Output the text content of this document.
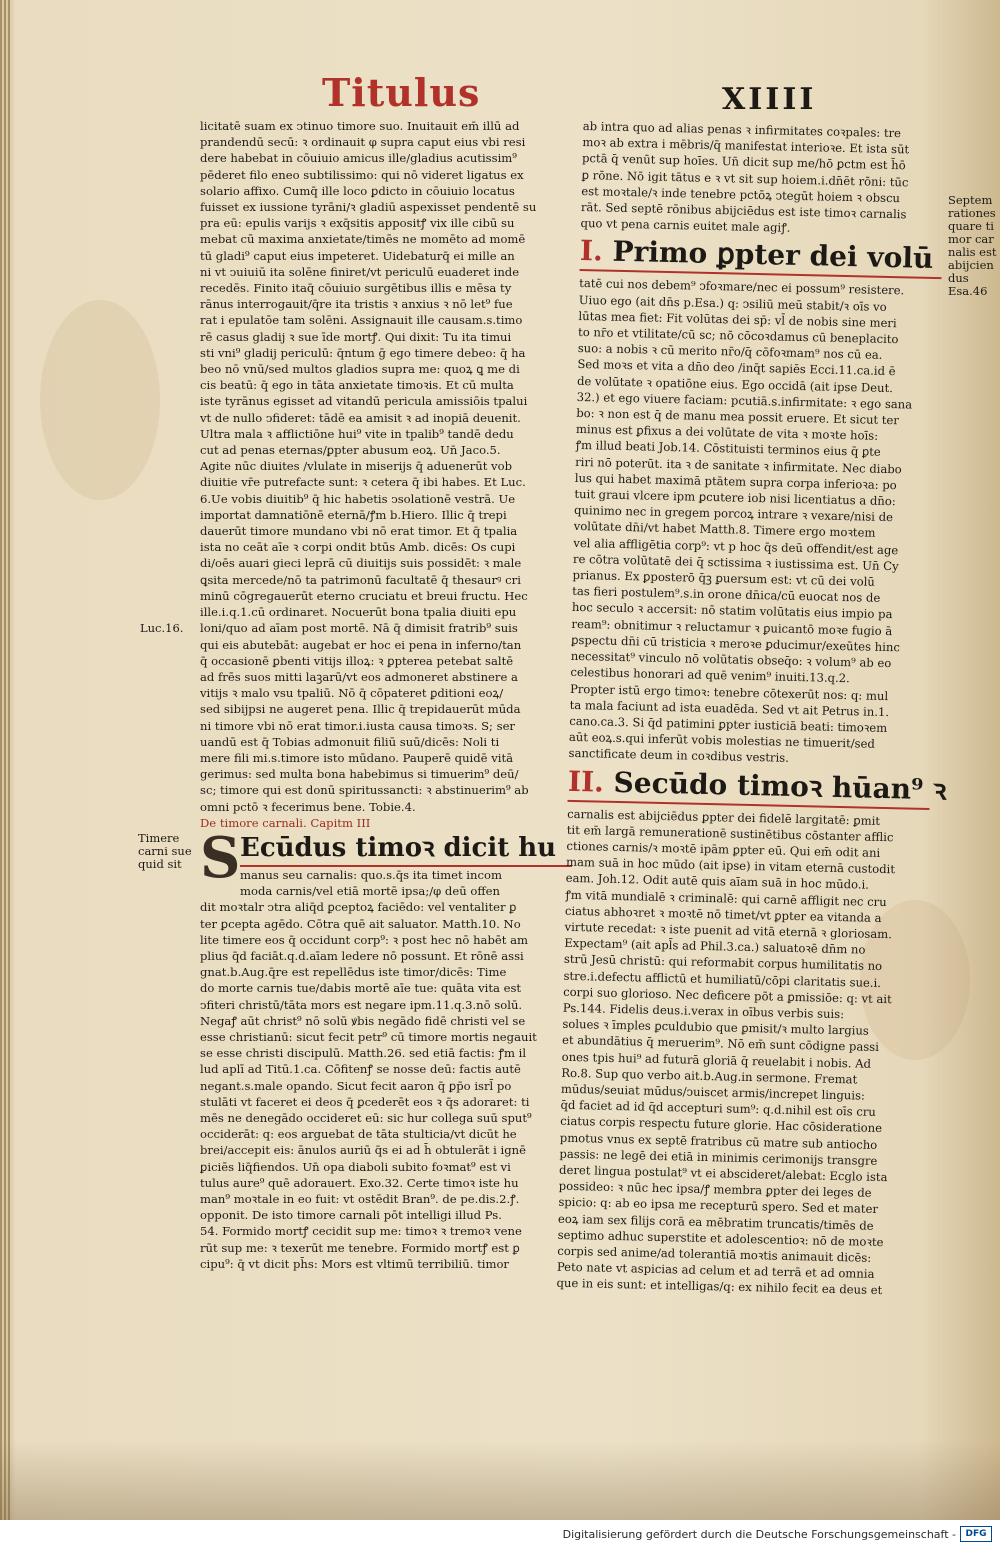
Titulus	XIIII
licitatē suam ex ↄtinuo timore suo. Inuitauit em̄ illū ad
prandendū secū: ꝛ ordinauit φ supra caput eius vbi resi
dere habebat in cōuiuio amicus ille/gladius acutissim⁹
pēderet filo eneo subtilissimo: qui nō videret ligatus ex
solario affixo. Cumq̄ ille loco ꝑdicto in cōuiuio locatus
fuisset ex iussione tyrāni/ꝛ gladiū aspexisset pendentē su
pra eū: epulis varijs ꝛ exq̄sitis appositꝭ vix ille cibū su
mebat cū maxima anxietate/timēs ne momēto ad momē
tū gladi⁹ caput eius impeteret. Uidebaturq̄ ei mille an
ni vt ↄuiuiū ita solēne finiret/vt periculū euaderet inde
recedēs. Finito itaq̄ cōuiuio surgētibus illis e mēsa ty
rānus interrogauit/q̄re ita tristis ꝛ anxius ꝛ nō let⁹ fue
rat i epulatōe tam solēni. Assignauit ille causam.s.timo
rē casus gladij ꝛ sue īde mortꝭ. Qui dixit: Tu ita timui
sti vni⁹ gladij periculū: q̄ntum ḡ ego timere debeo: q̄ ha
beo nō vnū/sed multos gladios supra me: quoꝝ ꝗ me di
cis beatū: q̄ ego in tāta anxietate timoꝛis. Et cū multa
iste tyrānus egisset ad vitandū pericula amissiōis tpalui
vt de nullo ↄfideret: tādē ea amisit ꝛ ad inopiā deuenit.
Ultra mala ꝛ afflictiōne hui⁹ vite in tpalib⁹ tandē dedu
cut ad penas eternas/ꝑpter abusum eoꝝ. Un̄ Jaco.5.
Agite nūc diuites /vlulate in miserijs q̄ aduenerūt vob
diuitie vr̄e putrefacte sunt: ꝛ cetera q̄ ibi habes. Et Luc.
6.Ue vobis diuitib⁹ q̄ hic habetis ↄsolationē vestrā. Ue
importat damnatiōnē eternā/ꝭm b.Hiero. Illic q̄ trepi
dauerūt timore mundano vbi nō erat timor. Et q̄ tpalia
ista no ceāt aīe ꝛ corpi ondit btūs Amb. dicēs: Os cupi
di/oēs auari gieci leprā cū diuitijs suis possidēt: ꝛ male
ꝗsita mercede/nō ta patrimonū facultatē q̄ thesaurꝰ cri
minū cōgregauerūt eterno cruciatu et breui fructu. Hec
ille.i.q.1.cū ordinaret. Nocuerūt bona tpalia diuiti epu
loni/quo ad aīam post mortē. Nā q̄ dimisit fratrib⁹ suis
qui eis abutebāt: augebat er hoc ei pena in inferno/tan
q̄ occasionē ꝑbenti vitijs illoꝝ: ꝛ ꝑpterea petebat saltē
ad frēs suos mitti laꝫarū/vt eos admoneret abstinere a
vitijs ꝛ malo vsu tpaliū. Nō q̄ cōpateret ꝑditioni eoꝝ/
sed sibijpsi ne augeret pena. Illic q̄ trepidauerūt mūda
ni timore vbi nō erat timor.i.iusta causa timoꝛs. S; ser
uandū est q̄ Tobias admonuit filiū suū/dicēs: Noli ti
mere fili mi.s.timore isto mūdano. Pauperē quidē vitā
gerimus: sed multa bona habebimus si timuerim⁹ deū/
sc; timore qui est donū spiritussancti: ꝛ abstinuerim⁹ ab
omni pctō ꝛ fecerimus bene. Tobie.4.
De timore carnali. Capitm III
S Ecūdus timoꝛ dicit hu
manus seu carnalis: quo.s.q̄s ita timet incom
moda carnis/vel etiā mortē ipsa;/φ deū offen
dit moꝛtalr ↄtra aliq̄d ꝑceptoꝝ faciēdo: vel ventaliter ꝑ
ter ꝑcepta agēdo. Cōtra quē ait saluator. Matth.10. No
lite timere eos q̄ occidunt corp⁹: ꝛ post hec nō habēt am
plius q̄d faciāt.q.d.aīam ledere nō possunt. Et rōnē assi
gnat.b.Aug.q̄re est repellēdus iste timor/dicēs: Time
do morte carnis tue/dabis mortē aīe tue: quāta vita est
ↄfiteri christū/tāta mors est negare ipm.11.q.3.nō solū.
Negaꝭ aūt christ⁹ nō solū ꝟbis negādo fidē christi vel se
esse christianū: sicut fecit petr⁹ cū timore mortis negauit
se esse christi discipulū. Matth.26. sed etiā factis: ꝭm il
lud aplī ad Titū.1.ca. Cōfitenꝭ se nosse deū: factis autē
negant.s.male opando. Sicut fecit aaron q̄ ꝑp̄o isrl̄ po
stulāti vt faceret ei deos q̄ ꝑcederēt eos ꝛ q̄s adoraret: ti
mēs ne denegādo occideret eū: sic hur collega suū sput⁹
occiderāt: q: eos arguebat de tāta stulticia/vt dicūt he
brei/accepit eis: ānulos auriū q̄s ei ad h̄ obtulerāt i ignē
ꝑiciēs liq̄fiendos. Un̄ opa diaboli subito foꝛmat⁹ est vi
tulus aure⁹ quē adorauert. Exo.32. Certe timoꝛ iste hu
man⁹ moꝛtale in eo fuit: vt ostēdit Bran⁹. de pe.dis.2.ꝭ.
opponit. De isto timore carnali pōt intelligi illud Ps.
54. Formido mortꝭ cecidit sup me: timoꝛ ꝛ tremoꝛ vene
rūt sup me: ꝛ texerūt me tenebre. Formido mortꝭ est ꝑ
cipu⁹: q̄ vt dicit ph̄s: Mors est vltimū terribiliū. timor
ab intra quo ad alias penas ꝛ infirmitates coꝛpales: tre
moꝛ ab extra i mēbris/q̄ manifestat interioꝛe. Et ista sūt
pctā q̄ venūt sup hoīes. Un̄ dicit sup me/hō ꝑctm est h̄ō
ꝑ rōne. Nō igit tātus e ꝛ vt sit sup hoiem.i.dn̄ēt rōni: tūc
est moꝛtale/ꝛ inde tenebre pctōꝝ ↄtegūt hoiem ꝛ obscu
rāt. Sed septē rōnibus abijciēdus est iste timoꝛ carnalis
quo vt pena carnis euitet male agiꝭ.
I. Primo ꝑpter dei volū
tatē cui nos debem⁹ ↄfoꝛmare/nec ei possum⁹ resistere.
Uiuo ego (ait dn̄s p.Esa.) q: ↄsiliū meū stabit/ꝛ oīs vo
lūtas mea fiet: Fit volūtas dei sp̄: vl̄ de nobis sine meri
to nr̄o et vtilitate/cū sc; nō cōcoꝛdamus cū beneplacito
suo: a nobis ꝛ cū merito nr̄o/q̄ cōfoꝛmam⁹ nos cū ea.
Sed moꝛs et vita a dn̄o deo /inq̄t sapiēs Ecci.11.ca.id ē
de volūtate ꝛ opatiōne eius. Ego occidā (ait ipse Deut.
32.) et ego viuere faciam: pcutiā.s.infirmitate: ꝛ ego sana
bo: ꝛ non est q̄ de manu mea possit eruere. Et sicut ter
minus est ꝑfixus a dei volūtate de vita ꝛ moꝛte hoīs:
ꝭm illud beati Job.14. Cōstituisti terminos eius q̄ ꝑte
riri nō poterūt. ita ꝛ de sanitate ꝛ infirmitate. Nec diabo
lus qui habet maximā ptātem supra corpa inferioꝛa: po
tuit graui vlcere ipm ꝑcutere iob nisi licentiatus a dn̄o:
quinimo nec in gregem porcoꝝ intrare ꝛ vexare/nisi de
volūtate dn̄i/vt habet Matth.8. Timere ergo moꝛtem
vel alia affligētia corp⁹: vt p hoc q̄s deū offendit/est age
re cōtra volūtatē dei q̄ sctissima ꝛ iustissima est. Un̄ Cy
prianus. Ex ꝑposterō q̄ꝫ ꝑuersum est: vt cū dei volū
tas fieri postulem⁹.s.in orone dn̄ica/cū euocat nos de
hoc seculo ꝛ accersit: nō statim volūtatis eius impio pa
ream⁹: obnitimur ꝛ reluctamur ꝛ ꝑuicantō moꝛe fugio ā
ꝑspectu dn̄i cū tristicia ꝛ meroꝛe ꝑducimur/exeūtes hinc
necessitat⁹ vinculo nō volūtatis obseq̄o: ꝛ volum⁹ ab eo
celestibus honorari ad quē venim⁹ inuiti.13.q.2.
Propter istū ergo timoꝛ: tenebre cōtexerūt nos: q: mul
ta mala faciunt ad ista euadēda. Sed vt ait Petrus in.1.
cano.ca.3. Si q̄d patimini ꝑpter iusticiā beati: timoꝛem
aūt eoꝝ.s.qui inferūt vobis molestias ne timuerit/sed
sanctificate deum in coꝛdibus vestris.
II. Secūdo timoꝛ hūan⁹ ꝛ
carnalis est abijciēdus ꝑpter dei fidelē largitatē: ꝑmit
tit em̄ largā remunerationē sustinētibus cōstanter afflic
ctiones carnis/ꝛ moꝛtē ipām ꝑpter eū. Qui em̄ odit ani
mam suā in hoc mūdo (ait ipse) in vitam eternā custodit
eam. Joh.12. Odit autē quis aīam suā in hoc mūdo.i.
ꝭm vitā mundialē ꝛ criminalē: qui carnē affligit nec cru
ciatus abhoꝛret ꝛ moꝛtē nō timet/vt ꝑpter ea vitanda a
virtute recedat: ꝛ iste puenit ad vitā eternā ꝛ gloriosam.
Expectam⁹ (ait apl̄s ad Phil.3.ca.) saluatoꝛē dn̄m no
strū Jesū christū: qui reformabit corpus humilitatis no
stre.i.defectu afflictū et humiliatū/cōpi claritatis sue.i.
corpi suo glorioso. Nec deficere pōt a ꝑmissiōe: q: vt ait
Ps.144. Fidelis deus.i.verax in oībus verbis suis:
solues ꝛ īmples ꝑculdubio que ꝑmisit/ꝛ multo largius
et abundātius q̄ meruerim⁹. Nō em̄ sunt cōdigne passi
ones tpis hui⁹ ad futurā gloriā q̄ reuelabit i nobis. Ad
Ro.8. Sup quo verbo ait.b.Aug.in sermone. Fremat
mūdus/seuiat mūdus/ↄuiscet armis/increpet linguis:
q̄d faciet ad id q̄d accepturi sum⁹: q.d.nihil est oīs cru
ciatus corpis respectu future glorie. Hac cōsideratione
pmotus vnus ex septē fratribus cū matre sub antiocho
passis: ne legē dei etiā in minimis cerimonijs transgre
deret lingua postulat⁹ vt ei abscideret/alebat: Ecglo ista
possideo: ꝛ nūc hec ipsa/ꝭ membra ꝑpter dei leges de
spicio: q: ab eo ipsa me recepturū spero. Sed et mater
eoꝝ iam sex filijs corā ea mēbratim truncatis/timēs de
septimo adhuc superstite et adolescentioꝛ: nō de moꝛte
corpis sed anime/ad tolerantiā moꝛtis animauit dicēs:
Peto nate vt aspicias ad celum et ad terrā et ad omnia
que in eis sunt: et intelligas/q: ex nihilo fecit ea deus et
Septem rationes quare ti mor car nalis est abijcien dus Esa.46
Luc.16.
Timere carni sue quid sit
Digitalisierung gefördert durch die Deutsche Forschungsgemeinschaft -	DFG
